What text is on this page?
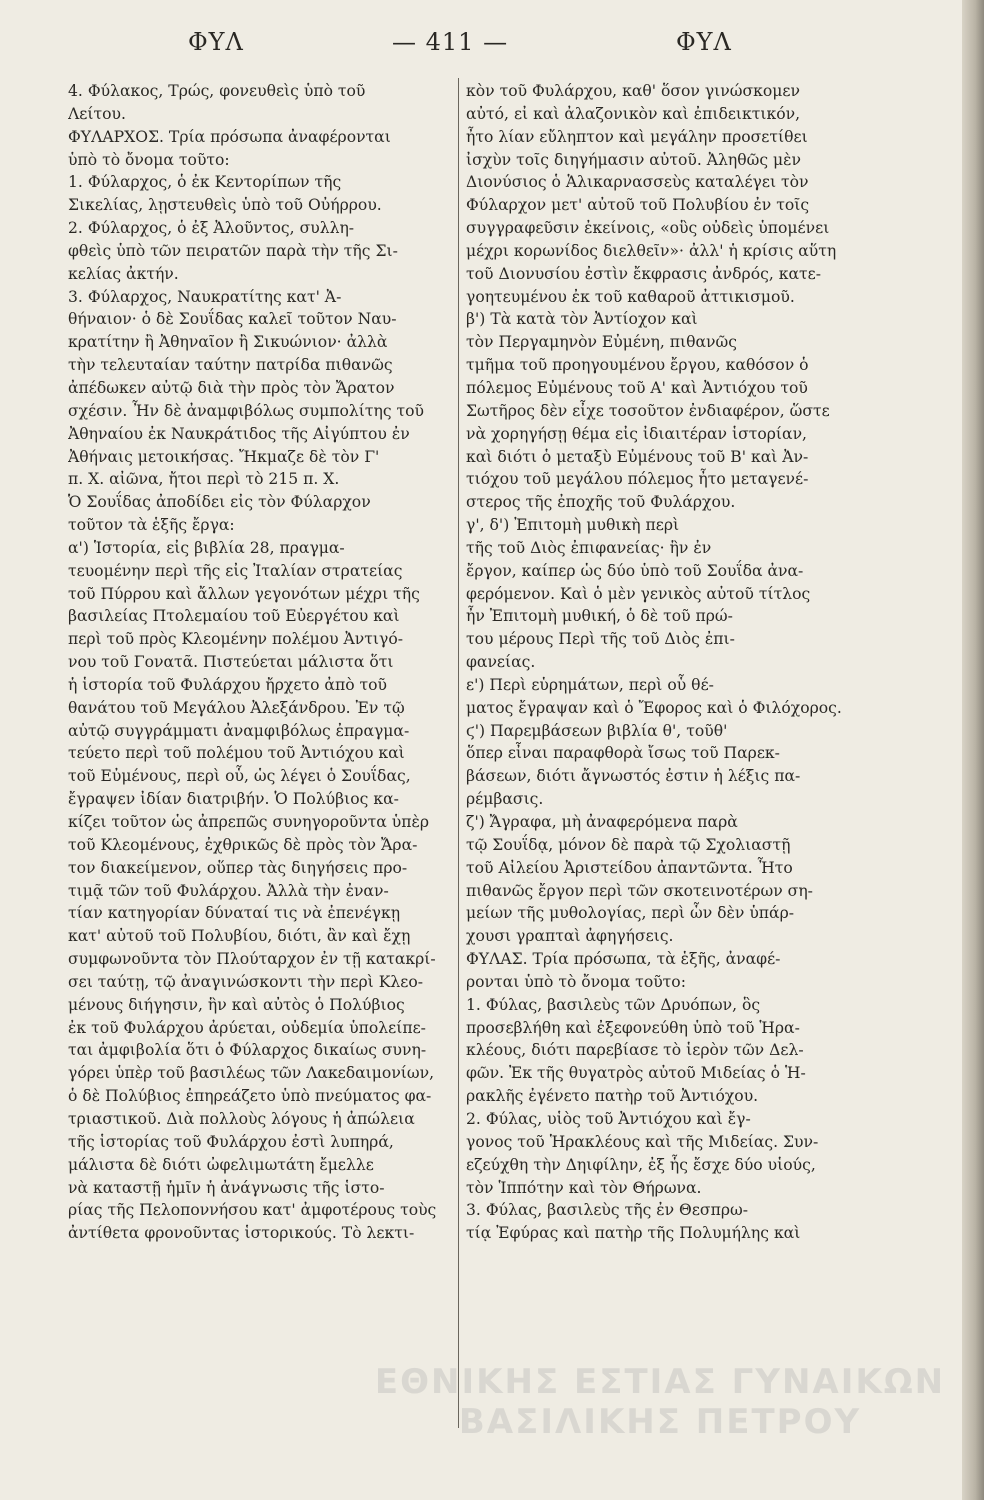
ΦΥΛ	— 411 —	ΦΥΛ
4. Φύλακος, Τρώς, φονευθεὶς ὑπὸ τοῦ
Λείτου.
ΦΥΛΑΡΧΟΣ. Τρία πρόσωπα ἀναφέρονται
ὑπὸ τὸ ὄνομα τοῦτο:
1. Φύλαρχος, ὁ ἐκ Κεντορίπων τῆς
Σικελίας, λῃστευθεὶς ὑπὸ τοῦ Οὐήρρου.
2. Φύλαρχος, ὁ ἐξ Ἀλοῦντος, συλλη-
φθεὶς ὑπὸ τῶν πειρατῶν παρὰ τὴν τῆς Σι-
κελίας ἀκτήν.
3. Φύλαρχος, Ναυκρατίτης κατ' Ἀ-
θήναιον· ὁ δὲ Σουΐδας καλεῖ τοῦτον Ναυ-
κρατίτην ἢ Ἀθηναῖον ἢ Σικυώνιον· ἀλλὰ
τὴν τελευταίαν ταύτην πατρίδα πιθανῶς
ἀπέδωκεν αὐτῷ διὰ τὴν πρὸς τὸν Ἄρατον
σχέσιν. Ἦν δὲ ἀναμφιβόλως συμπολίτης τοῦ
Ἀθηναίου ἐκ Ναυκράτιδος τῆς Αἰγύπτου ἐν
Ἀθήναις μετοικήσας. Ἤκμαζε δὲ τὸν Γ'
π. Χ. αἰῶνα, ἤτοι περὶ τὸ 215 π. Χ.
Ὁ Σουΐδας ἀποδίδει εἰς τὸν Φύλαρχον
τοῦτον τὰ ἑξῆς ἔργα:
α') Ἱστορία, εἰς βιβλία 28, πραγμα-
τευομένην περὶ τῆς εἰς Ἰταλίαν στρατείας
τοῦ Πύρρου καὶ ἄλλων γεγονότων μέχρι τῆς
βασιλείας Πτολεμαίου τοῦ Εὐεργέτου καὶ
περὶ τοῦ πρὸς Κλεομένην πολέμου Ἀντιγό-
νου τοῦ Γονατᾶ. Πιστεύεται μάλιστα ὅτι
ἡ ἱστορία τοῦ Φυλάρχου ἤρχετο ἀπὸ τοῦ
θανάτου τοῦ Μεγάλου Ἀλεξάνδρου. Ἐν τῷ
αὐτῷ συγγράμματι ἀναμφιβόλως ἐπραγμα-
τεύετο περὶ τοῦ πολέμου τοῦ Ἀντιόχου καὶ
τοῦ Εὐμένους, περὶ οὗ, ὡς λέγει ὁ Σουΐδας,
ἔγραψεν ἰδίαν διατριβήν. Ὁ Πολύβιος κα-
κίζει τοῦτον ὡς ἀπρεπῶς συνηγοροῦντα ὑπὲρ
τοῦ Κλεομένους, ἐχθρικῶς δὲ πρὸς τὸν Ἄρα-
τον διακείμενον, οὕπερ τὰς διηγήσεις προ-
τιμᾷ τῶν τοῦ Φυλάρχου. Ἀλλὰ τὴν ἐναν-
τίαν κατηγορίαν δύναταί τις νὰ ἐπενέγκῃ
κατ' αὐτοῦ τοῦ Πολυβίου, διότι, ἂν καὶ ἔχῃ
συμφωνοῦντα τὸν Πλούταρχον ἐν τῇ κατακρί-
σει ταύτῃ, τῷ ἀναγινώσκοντι τὴν περὶ Κλεο-
μένους διήγησιν, ἣν καὶ αὐτὸς ὁ Πολύβιος
ἐκ τοῦ Φυλάρχου ἀρύεται, οὐδεμία ὑπολείπε-
ται ἀμφιβολία ὅτι ὁ Φύλαρχος δικαίως συνη-
γόρει ὑπὲρ τοῦ βασιλέως τῶν Λακεδαιμονίων,
ὁ δὲ Πολύβιος ἐπηρεάζετο ὑπὸ πνεύματος φα-
τριαστικοῦ. Διὰ πολλοὺς λόγους ἡ ἀπώλεια
τῆς ἱστορίας τοῦ Φυλάρχου ἐστὶ λυπηρά,
μάλιστα δὲ διότι ὠφελιμωτάτη ἔμελλε
νὰ καταστῇ ἡμῖν ἡ ἀνάγνωσις τῆς ἱστο-
ρίας τῆς Πελοποννήσου κατ' ἀμφοτέρους τοὺς
ἀντίθετα φρονοῦντας ἱστορικούς. Τὸ λεκτι-
κὸν τοῦ Φυλάρχου, καθ' ὅσον γινώσκομεν
αὐτό, εἰ καὶ ἀλαζονικὸν καὶ ἐπιδεικτικόν,
ἦτο λίαν εὔληπτον καὶ μεγάλην προσετίθει
ἰσχὺν τοῖς διηγήμασιν αὐτοῦ. Ἀληθῶς μὲν
Διονύσιος ὁ Ἁλικαρνασσεὺς καταλέγει τὸν
Φύλαρχον μετ' αὐτοῦ τοῦ Πολυβίου ἐν τοῖς
συγγραφεῦσιν ἐκείνοις, «οὓς οὐδεὶς ὑπομένει
μέχρι κορωνίδος διελθεῖν»· ἀλλ' ἡ κρίσις αὕτη
τοῦ Διονυσίου ἐστὶν ἔκφρασις ἀνδρός, κατε-
γοητευμένου ἐκ τοῦ καθαροῦ ἀττικισμοῦ.
β') Τὰ κατὰ τὸν Ἀντίοχον καὶ
τὸν Περγαμηνὸν Εὐμένη, πιθανῶς
τμῆμα τοῦ προηγουμένου ἔργου, καθόσον ὁ
πόλεμος Εὐμένους τοῦ Α' καὶ Ἀντιόχου τοῦ
Σωτῆρος δὲν εἶχε τοσοῦτον ἐνδιαφέρον, ὥστε
νὰ χορηγήσῃ θέμα εἰς ἰδιαιτέραν ἱστορίαν,
καὶ διότι ὁ μεταξὺ Εὐμένους τοῦ Β' καὶ Ἀν-
τιόχου τοῦ μεγάλου πόλεμος ἦτο μεταγενέ-
στερος τῆς ἐποχῆς τοῦ Φυλάρχου.
γ', δ') Ἐπιτομὴ μυθικὴ περὶ
τῆς τοῦ Διὸς ἐπιφανείας· ἣν ἐν
ἔργον, καίπερ ὡς δύο ὑπὸ τοῦ Σουΐδα ἀνα-
φερόμενον. Καὶ ὁ μὲν γενικὸς αὐτοῦ τίτλος
ἦν Ἐπιτομὴ μυθική, ὁ δὲ τοῦ πρώ-
του μέρους Περὶ τῆς τοῦ Διὸς ἐπι-
φανείας.
ε') Περὶ εὑρημάτων, περὶ οὗ θέ-
ματος ἔγραψαν καὶ ὁ Ἔφορος καὶ ὁ Φιλόχορος.
ϛ') Παρεμβάσεων βιβλία θ', τοῦθ'
ὅπερ εἶναι παραφθορὰ ἴσως τοῦ Παρεκ-
βάσεων, διότι ἄγνωστός ἐστιν ἡ λέξις πα-
ρέμβασις.
ζ') Ἄγραφα, μὴ ἀναφερόμενα παρὰ
τῷ Σουΐδᾳ, μόνον δὲ παρὰ τῷ Σχολιαστῇ
τοῦ Αἰλείου Ἀριστείδου ἀπαντῶντα. Ἦτο
πιθανῶς ἔργον περὶ τῶν σκοτεινοτέρων ση-
μείων τῆς μυθολογίας, περὶ ὧν δὲν ὑπάρ-
χουσι γραπταὶ ἀφηγήσεις.
ΦΥΛΑΣ. Τρία πρόσωπα, τὰ ἑξῆς, ἀναφέ-
ρονται ὑπὸ τὸ ὄνομα τοῦτο:
1. Φύλας, βασιλεὺς τῶν Δρυόπων, ὃς
προσεβλήθη καὶ ἐξεφονεύθη ὑπὸ τοῦ Ἡρα-
κλέους, διότι παρεβίασε τὸ ἱερὸν τῶν Δελ-
φῶν. Ἐκ τῆς θυγατρὸς αὐτοῦ Μιδείας ὁ Ἡ-
ρακλῆς ἐγένετο πατὴρ τοῦ Ἀντιόχου.
2. Φύλας, υἱὸς τοῦ Ἀντιόχου καὶ ἔγ-
γονος τοῦ Ἡρακλέους καὶ τῆς Μιδείας. Συν-
εζεύχθη τὴν Δηιφίλην, ἐξ ἧς ἔσχε δύο υἱούς,
τὸν Ἱππότην καὶ τὸν Θήρωνα.
3. Φύλας, βασιλεὺς τῆς ἐν Θεσπρω-
τίᾳ Ἐφύρας καὶ πατὴρ τῆς Πολυμήλης καὶ
ΕΘΝΙΚΗΣ ΕΣΤΙΑΣ ΓΥΝΑΙΚΩΝ
ΒΑΣΙΛΙΚΗΣ ΠΕΤΡΟΥ
